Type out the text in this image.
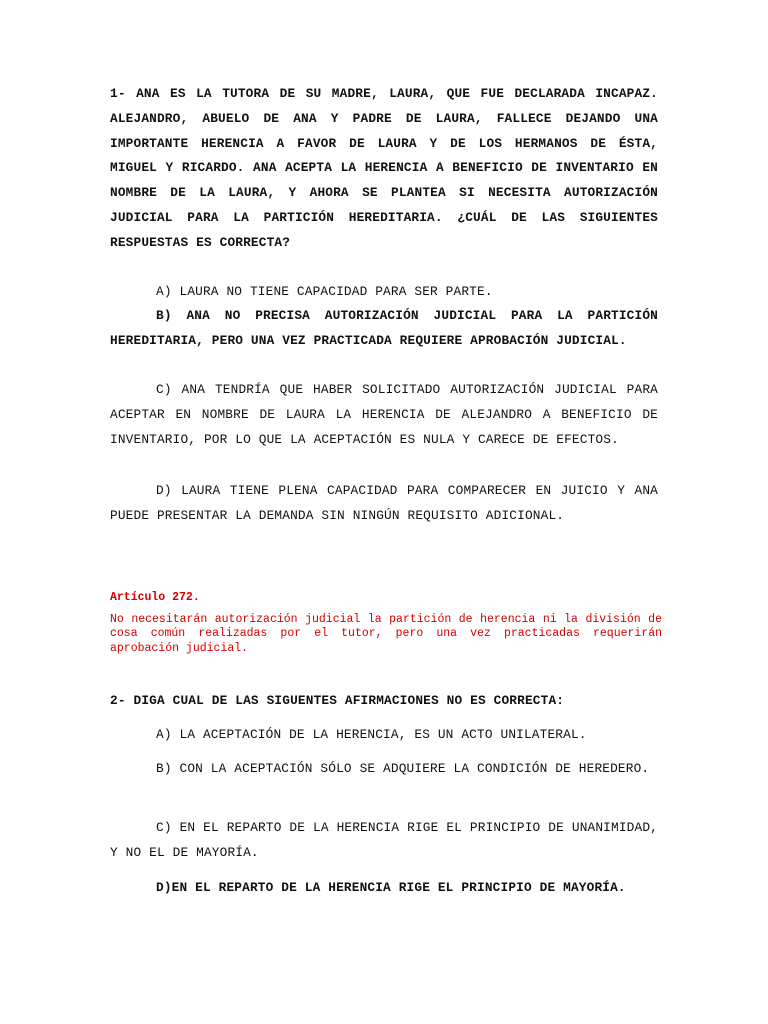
1- ANA ES LA TUTORA DE SU MADRE, LAURA, QUE FUE DECLARADA INCAPAZ. ALEJANDRO, ABUELO DE ANA Y PADRE DE LAURA, FALLECE DEJANDO UNA IMPORTANTE HERENCIA A FAVOR DE LAURA Y DE LOS HERMANOS DE ÉSTA, MIGUEL Y RICARDO. ANA ACEPTA LA HERENCIA A BENEFICIO DE INVENTARIO EN NOMBRE DE LA LAURA, Y AHORA SE PLANTEA SI NECESITA AUTORIZACIÓN JUDICIAL PARA LA PARTICIÓN HEREDITARIA. ¿CUÁL DE LAS SIGUIENTES RESPUESTAS ES CORRECTA?

A) LAURA NO TIENE CAPACIDAD PARA SER PARTE.

B) ANA NO PRECISA AUTORIZACIÓN JUDICIAL PARA LA PARTICIÓN HEREDITARIA, PERO UNA VEZ PRACTICADA REQUIERE APROBACIÓN JUDICIAL.

C) ANA TENDRÍA QUE HABER SOLICITADO AUTORIZACIÓN JUDICIAL PARA ACEPTAR EN NOMBRE DE LAURA LA HERENCIA DE ALEJANDRO A BENEFICIO DE INVENTARIO, POR LO QUE LA ACEPTACIÓN ES NULA Y CARECE DE EFECTOS.

D) LAURA TIENE PLENA CAPACIDAD PARA COMPARECER EN JUICIO Y ANA PUEDE PRESENTAR LA DEMANDA SIN NINGÚN REQUISITO ADICIONAL.

Artículo 272.

No necesitarán autorización judicial la partición de herencia ni la división de cosa común realizadas por el tutor, pero una vez practicadas requerirán aprobación judicial.

2- DIGA CUAL DE LAS SIGUENTES AFIRMACIONES NO ES CORRECTA:

A) LA ACEPTACIÓN DE LA HERENCIA, ES UN ACTO UNILATERAL.

B) CON LA ACEPTACIÓN SÓLO SE ADQUIERE LA CONDICIÓN DE HEREDERO.

C) EN EL REPARTO DE LA HERENCIA RIGE EL PRINCIPIO DE UNANIMIDAD, Y NO EL DE MAYORÍA.

D)EN EL REPARTO DE LA HERENCIA RIGE EL PRINCIPIO DE MAYORÍA.
